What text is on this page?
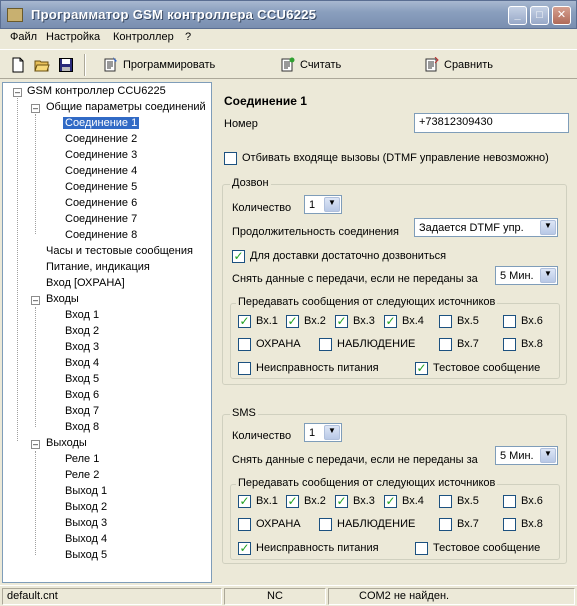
Программатор GSM контроллера CCU6225	_	□	✕
Файл Настройка Контроллер ?
Программировать	Считать	Сравнить
– GSM контроллер CCU6225
– Общие параметры соединений
Соединение 1
Соединение 2
Соединение 3
Соединение 4
Соединение 5
Соединение 6
Соединение 7
Соединение 8
Часы и тестовые сообщения
Питание, индикация
Вход [ОХРАНА]
– Входы
Вход 1
Вход 2
Вход 3
Вход 4
Вход 5
Вход 6
Вход 7
Вход 8
– Выходы
Реле 1
Реле 2
Выход 1
Выход 2
Выход 3
Выход 4
Выход 5
Соединение 1
Номер	+73812309430
Отбивать входяще вызовы (DTMF управление невозможно)
Дозвон
Количество 1	▼
Продолжительность соединения Задается DTMF упр.	▼
✓ Для доставки достаточно дозвониться
Снять данные с передачи, если не переданы за 5 Мин.	▼
Передавать сообщения от следующих источников
✓ Вх.1 ✓ Вх.2 ✓ Вх.3 ✓ Вх.4	Вх.5	Вх.6
ОХРАНА	НАБЛЮДЕНИЕ	Вх.7	Вх.8
Неисправность питания	✓ Тестовое сообщение
SMS
Количество 1	▼
Снять данные с передачи, если не переданы за 5 Мин.	▼
Передавать сообщения от следующих источников
✓ Вх.1 ✓ Вх.2 ✓ Вх.3 ✓ Вх.4	Вх.5	Вх.6
ОХРАНА	НАБЛЮДЕНИЕ	Вх.7	Вх.8
✓ Неисправность питания	Тестовое сообщение
default.cnt	NC	COM2 не найден.
